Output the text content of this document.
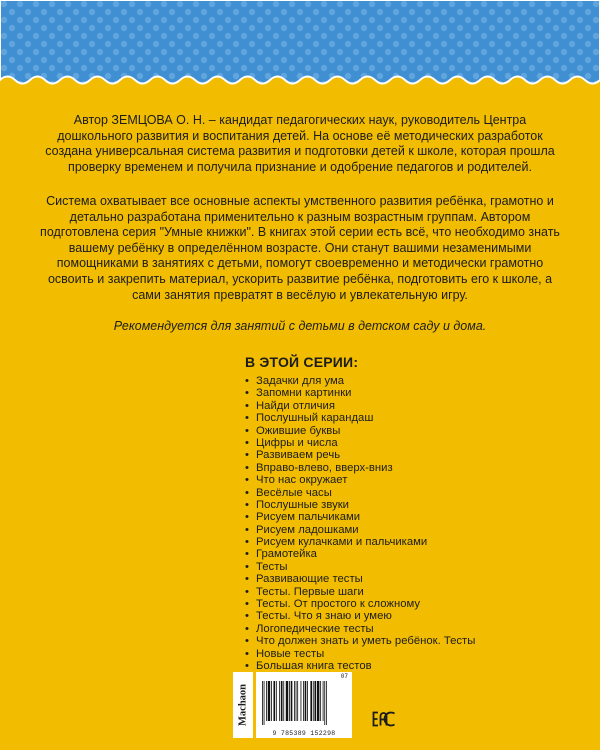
Автор ЗЕМЦОВА О. Н. – кандидат педагогических наук, руководитель Центра дошкольного развития и воспитания детей. На основе её методических разработок создана универсальная система развития и подготовки детей к школе, которая прошла проверку временем и получила признание и одобрение педагогов и родителей.

Система охватывает все основные аспекты умственного развития ребёнка, грамотно и детально разработана применительно к разным возрастным группам. Автором подготовлена серия "Умные книжки". В книгах этой серии есть всё, что необходимо знать вашему ребёнку в определённом возрасте. Они станут вашими незаменимыми помощниками в занятиях с детьми, помогут своевременно и методически грамотно освоить и закрепить материал, ускорить развитие ребёнка, подготовить его к школе, а сами занятия превратят в весёлую и увлекательную игру.

Рекомендуется для занятий с детьми в детском саду и дома.

В ЭТОЙ СЕРИИ:
• Задачки для ума
• Запомни картинки
• Найди отличия
• Послушный карандаш
• Ожившие буквы
• Цифры и числа
• Развиваем речь
• Вправо-влево, вверх-вниз
• Что нас окружает
• Весёлые часы
• Послушные звуки
• Рисуем пальчиками
• Рисуем ладошками
• Рисуем кулачками и пальчиками
• Грамотейка
• Тесты
• Развивающие тесты
• Тесты. Первые шаги
• Тесты. От простого к сложному
• Тесты. Что я знаю и умею
• Логопедические тесты
• Что должен знать и уметь ребёнок. Тесты
• Новые тесты
• Большая книга тестов
Machaon
07
9 785389 152298
